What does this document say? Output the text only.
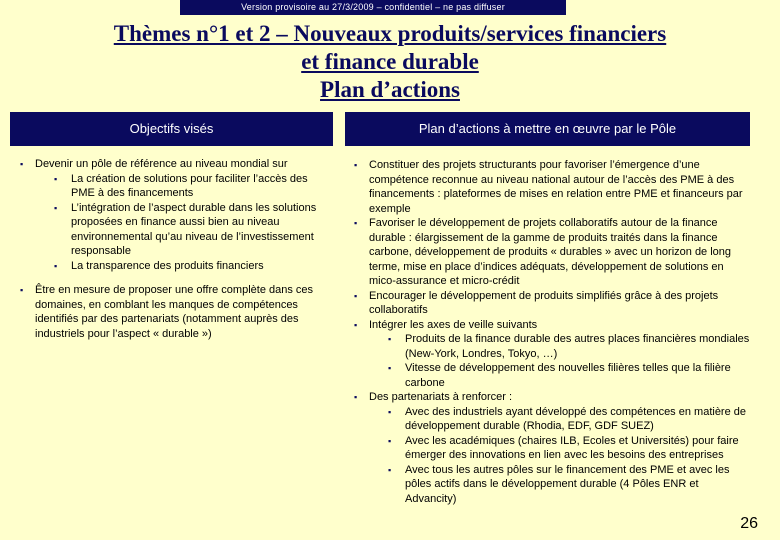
Version provisoire au 27/3/2009 – confidentiel – ne pas diffuser
Thèmes n°1 et 2 – Nouveaux produits/services financiers
et finance durable
Plan d’actions
Objectifs visés	Plan d’actions à mettre en œuvre par le Pôle
▪ Devenir un pôle de référence au niveau mondial sur
▪ La création de solutions pour faciliter l’accès des PME à des financements
▪ L’intégration de l’aspect durable dans les solutions proposées en finance aussi bien au niveau environnemental qu’au niveau de l’investissement responsable
▪ La transparence des produits financiers
▪ Être en mesure de proposer une offre complète dans ces domaines, en comblant les manques de compétences identifiés par des partenariats (notamment auprès des industriels pour l’aspect « durable »)
▪ Constituer des projets structurants pour favoriser l’émergence d’une compétence reconnue au niveau national autour de l’accès des PME à des financements : plateformes de mises en relation entre PME et financeurs par exemple
▪ Favoriser le développement de projets collaboratifs autour de la finance durable : élargissement de la gamme de produits traités dans la finance carbone, développement de produits « durables » avec un horizon de long terme, mise en place d’indices adéquats, développement de solutions en mico-assurance et micro-crédit
▪ Encourager le développement de produits simplifiés grâce à des projets collaboratifs
▪ Intégrer les axes de veille suivants
▪ Produits de la finance durable des autres places financières mondiales (New-York, Londres, Tokyo, …)
▪ Vitesse de développement des nouvelles filières telles que la filière carbone
▪ Des partenariats à renforcer :
▪ Avec des industriels ayant développé des compétences en matière de développement durable (Rhodia, EDF, GDF SUEZ)
▪ Avec les académiques (chaires ILB, Ecoles et Universités) pour faire émerger des innovations en lien avec les besoins des entreprises
▪ Avec tous les autres pôles sur le financement des PME et avec les pôles actifs dans le développement durable (4 Pôles ENR et Advancity)
26
